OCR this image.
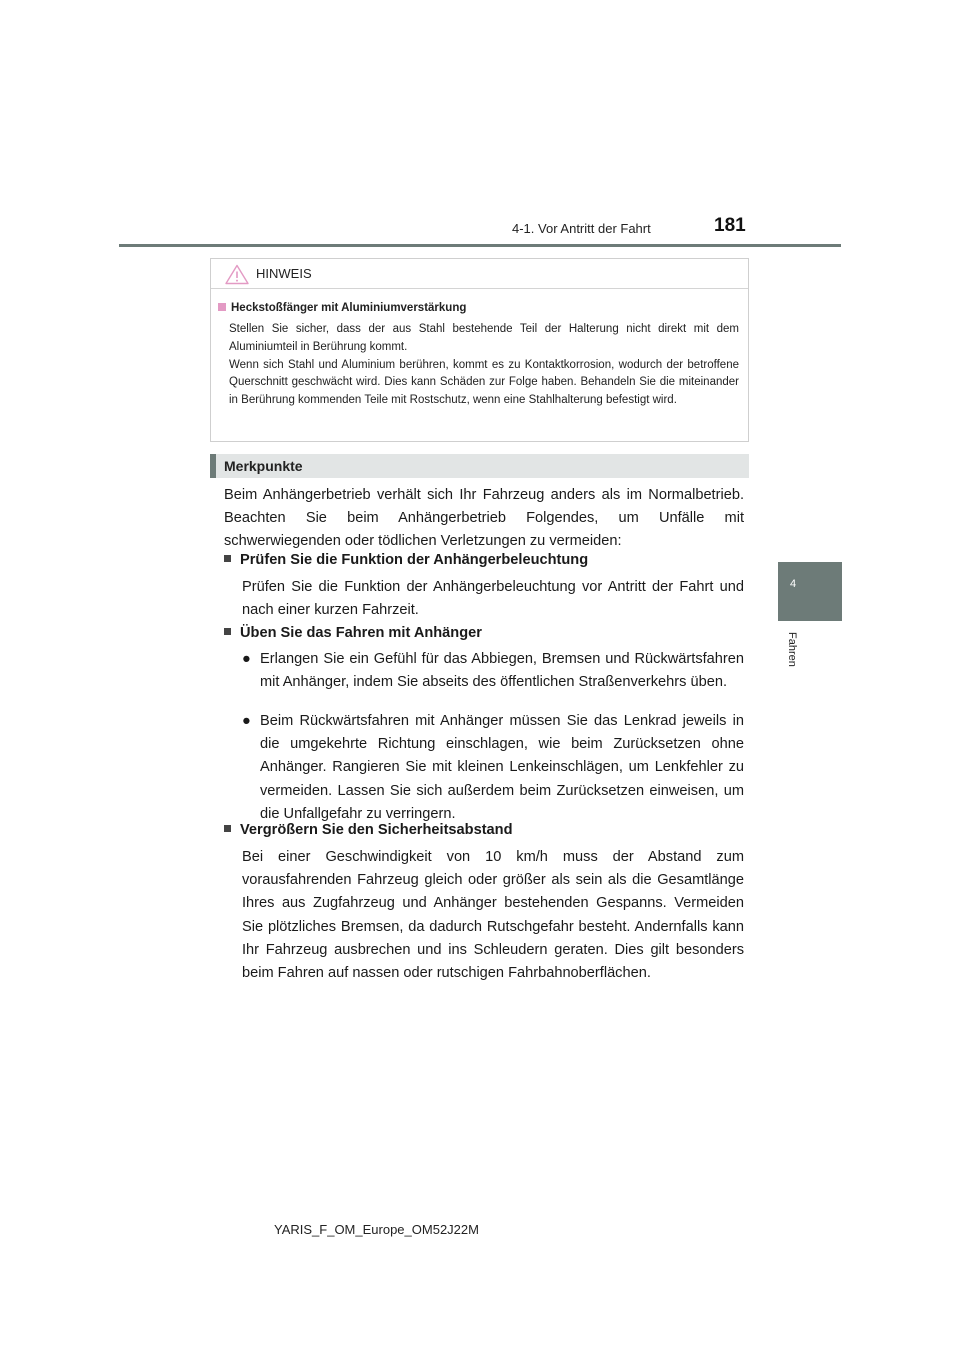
4-1. Vor Antritt der Fahrt	181
4
Fahren
HINWEIS
Heckstoßfänger mit Aluminiumverstärkung

Stellen Sie sicher, dass der aus Stahl bestehende Teil der Halterung nicht direkt mit dem Aluminiumteil in Berührung kommt.

Wenn sich Stahl und Aluminium berühren, kommt es zu Kontaktkorrosion, wodurch der betroffene Querschnitt geschwächt wird. Dies kann Schäden zur Folge haben. Behandeln Sie die miteinander in Berührung kommenden Teile mit Rostschutz, wenn eine Stahlhalterung befestigt wird.

Merkpunkte

Beim Anhängerbetrieb verhält sich Ihr Fahrzeug anders als im Normalbetrieb. Beachten Sie beim Anhängerbetrieb Folgendes, um Unfälle mit schwerwiegenden oder tödlichen Verletzungen zu vermeiden:

Prüfen Sie die Funktion der Anhängerbeleuchtung

Prüfen Sie die Funktion der Anhängerbeleuchtung vor Antritt der Fahrt und nach einer kurzen Fahrzeit.

Üben Sie das Fahren mit Anhänger
● Erlangen Sie ein Gefühl für das Abbiegen, Bremsen und Rückwärtsfahren mit Anhänger, indem Sie abseits des öffentlichen Straßenverkehrs üben.

● Beim Rückwärtsfahren mit Anhänger müssen Sie das Lenkrad jeweils in die umgekehrte Richtung einschlagen, wie beim Zurücksetzen ohne Anhänger. Rangieren Sie mit kleinen Lenkeinschlägen, um Lenkfehler zu vermeiden. Lassen Sie sich außerdem beim Zurücksetzen einweisen, um die Unfallgefahr zu verringern.

Vergrößern Sie den Sicherheitsabstand

Bei einer Geschwindigkeit von 10 km/h muss der Abstand zum vorausfahrenden Fahrzeug gleich oder größer als sein als die Gesamtlänge Ihres aus Zugfahrzeug und Anhänger bestehenden Gespanns. Vermeiden Sie plötzliches Bremsen, da dadurch Rutschgefahr besteht. Andernfalls kann Ihr Fahrzeug ausbrechen und ins Schleudern geraten. Dies gilt besonders beim Fahren auf nassen oder rutschigen Fahrbahnoberflächen.

YARIS_F_OM_Europe_OM52J22M
